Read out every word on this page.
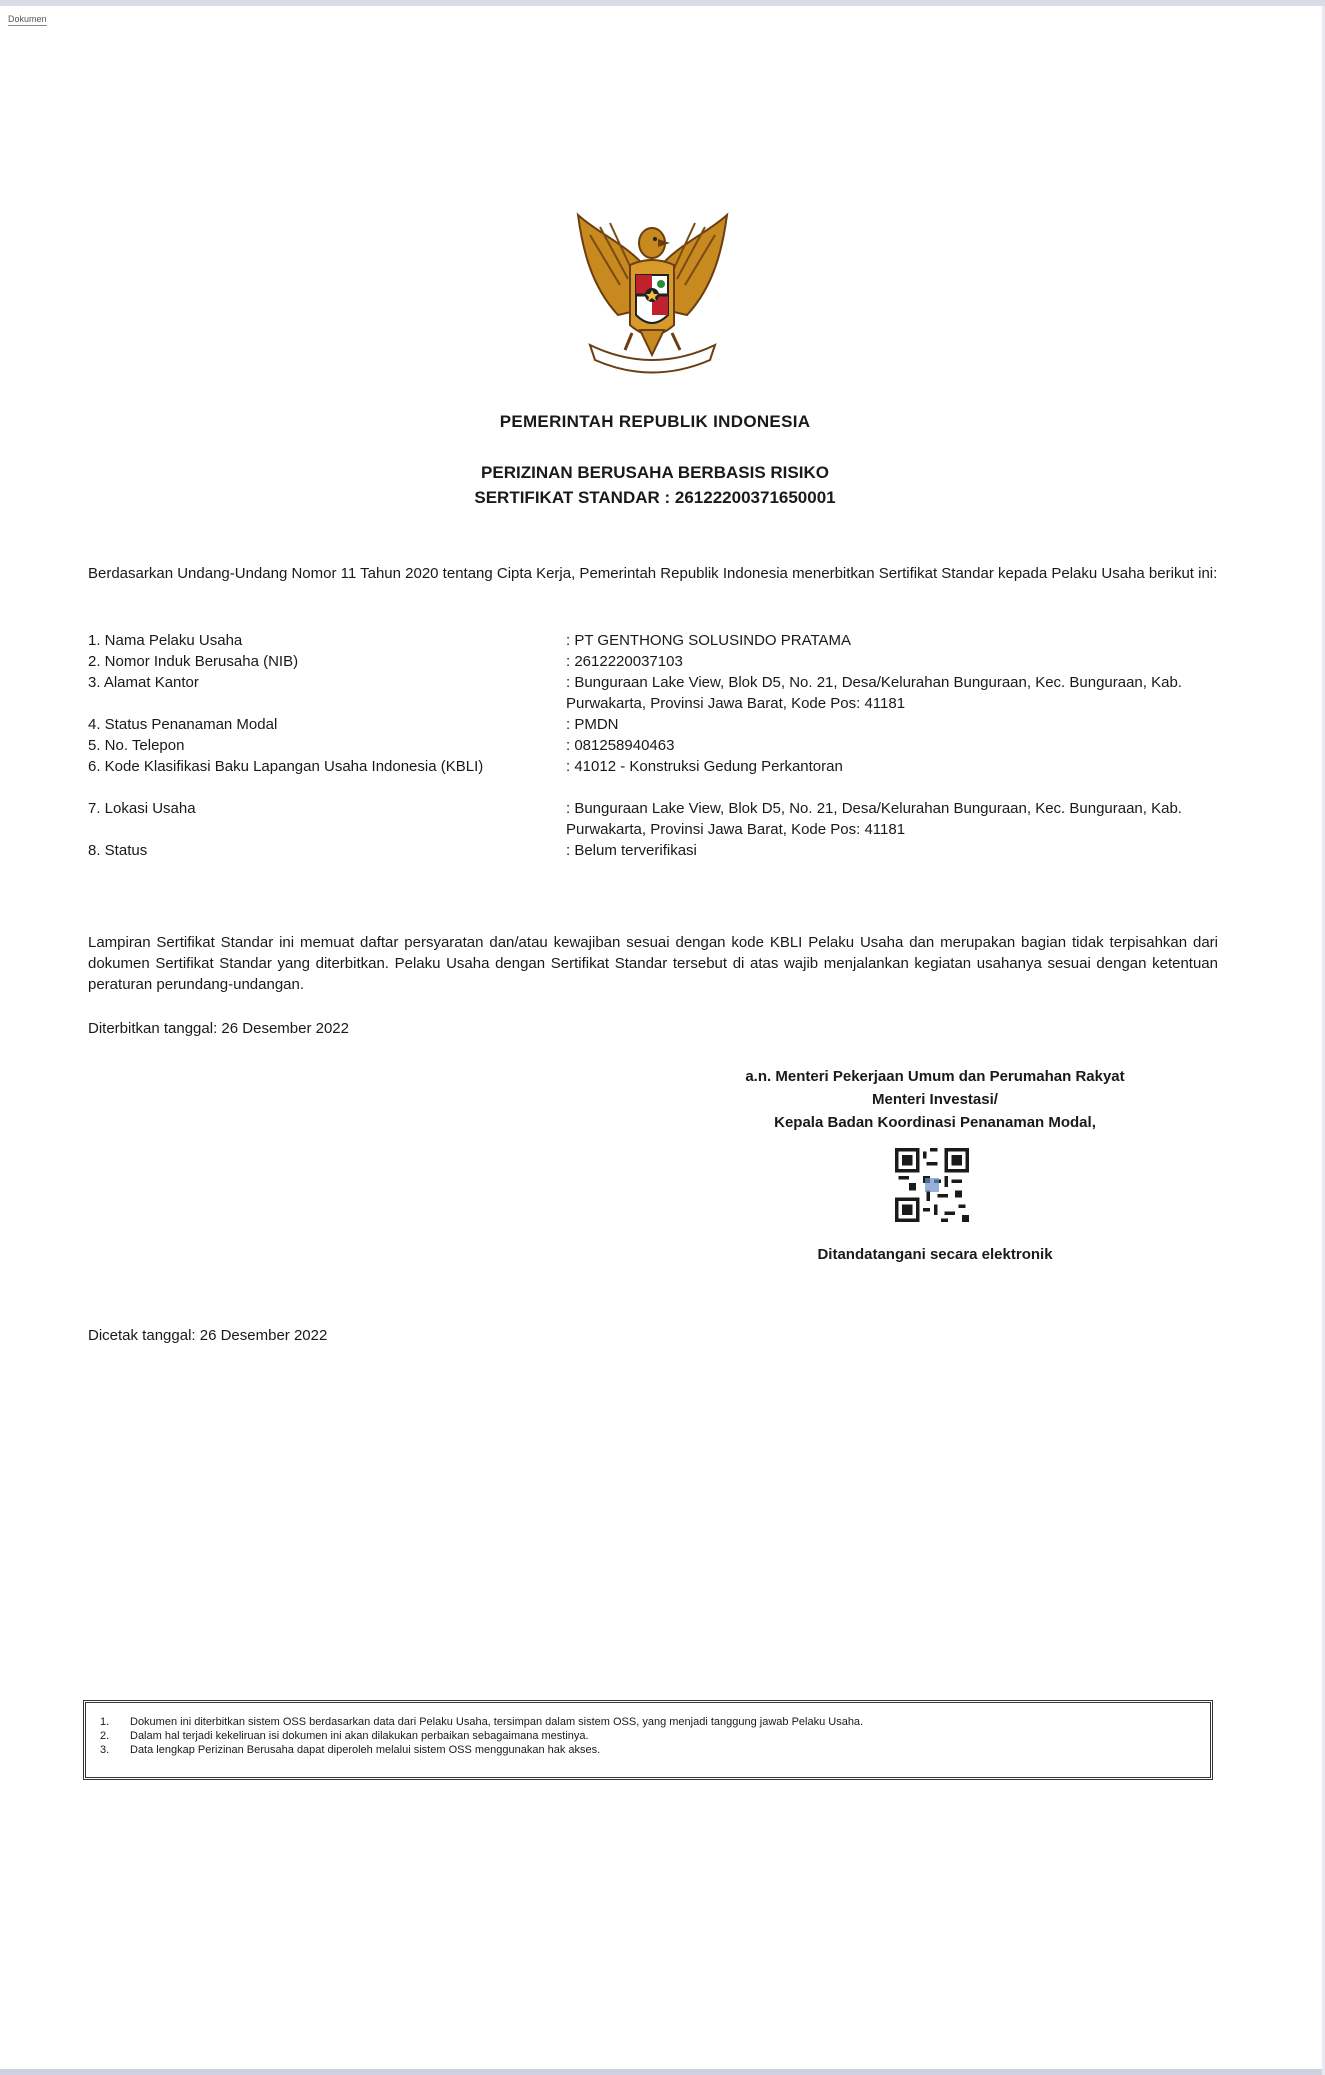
Dokumen
PEMERINTAH REPUBLIK INDONESIA
PERIZINAN BERUSAHA BERBASIS RISIKO
SERTIFIKAT STANDAR : 26122200371650001
Berdasarkan Undang-Undang Nomor 11 Tahun 2020 tentang Cipta Kerja, Pemerintah Republik Indonesia menerbitkan Sertifikat Standar kepada Pelaku Usaha berikut ini:
1. Nama Pelaku Usaha	: PT GENTHONG SOLUSINDO PRATAMA
2. Nomor Induk Berusaha (NIB)	: 2612220037103
3. Alamat Kantor	: Bunguraan Lake View, Blok D5, No. 21, Desa/Kelurahan Bunguraan, Kec. Bunguraan, Kab. Purwakarta, Provinsi Jawa Barat, Kode Pos: 41181
4. Status Penanaman Modal	: PMDN
5. No. Telepon	: 081258940463
6. Kode Klasifikasi Baku Lapangan Usaha Indonesia (KBLI)	: 41012 - Konstruksi Gedung Perkantoran
7. Lokasi Usaha	: Bunguraan Lake View, Blok D5, No. 21, Desa/Kelurahan Bunguraan, Kec. Bunguraan, Kab. Purwakarta, Provinsi Jawa Barat, Kode Pos: 41181
8. Status	: Belum terverifikasi
Lampiran Sertifikat Standar ini memuat daftar persyaratan dan/atau kewajiban sesuai dengan kode KBLI Pelaku Usaha dan merupakan bagian tidak terpisahkan dari dokumen Sertifikat Standar yang diterbitkan. Pelaku Usaha dengan Sertifikat Standar tersebut di atas wajib menjalankan kegiatan usahanya sesuai dengan ketentuan peraturan perundang-undangan.
Diterbitkan tanggal: 26 Desember 2022
a.n. Menteri Pekerjaan Umum dan Perumahan Rakyat
Menteri Investasi/
Kepala Badan Koordinasi Penanaman Modal,
Ditandatangani secara elektronik
Dicetak tanggal: 26 Desember 2022
1.	Dokumen ini diterbitkan sistem OSS berdasarkan data dari Pelaku Usaha, tersimpan dalam sistem OSS, yang menjadi tanggung jawab Pelaku Usaha.
2.	Dalam hal terjadi kekeliruan isi dokumen ini akan dilakukan perbaikan sebagaimana mestinya.
3.	Data lengkap Perizinan Berusaha dapat diperoleh melalui sistem OSS menggunakan hak akses.
